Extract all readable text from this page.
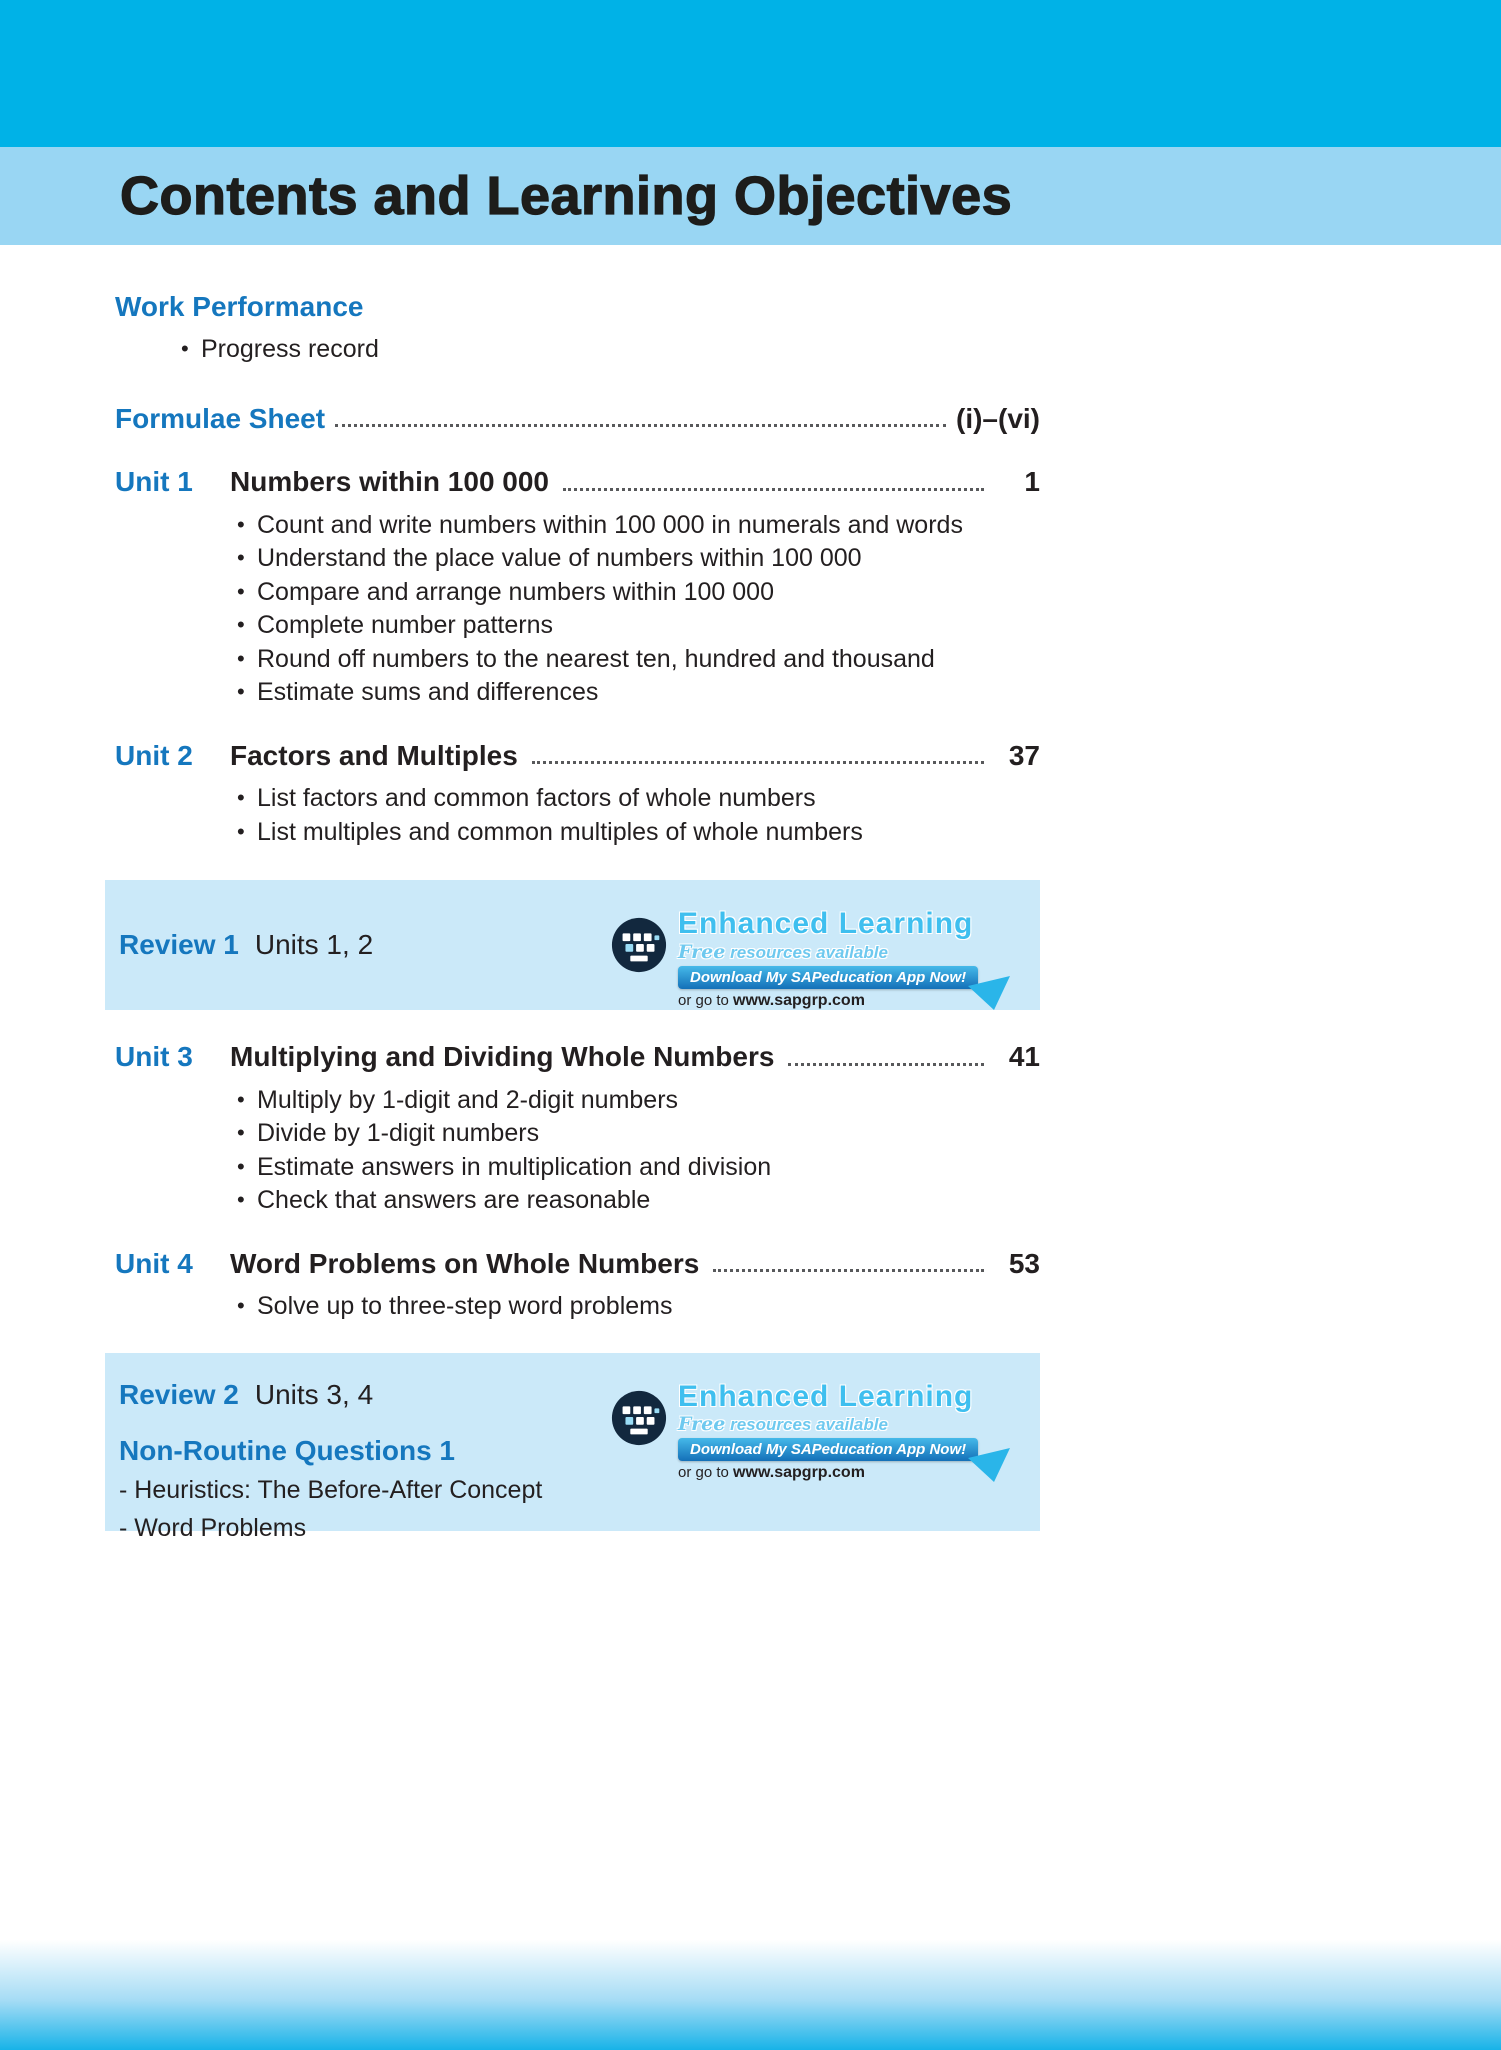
Contents and Learning Objectives
Work Performance
• Progress record
Formulae Sheet	(i)–(vi)
Unit 1	Numbers within 100 000	1
• Count and write numbers within 100 000 in numerals and words
• Understand the place value of numbers within 100 000
• Compare and arrange numbers within 100 000
• Complete number patterns
• Round off numbers to the nearest ten, hundred and thousand
• Estimate sums and differences
Unit 2	Factors and Multiples	37
• List factors and common factors of whole numbers
• List multiples and common multiples of whole numbers
Review 1 Units 1, 2
Enhanced Learning
Free resources available
Download My SAPeducation App Now!
or go to www.sapgrp.com
Unit 3	Multiplying and Dividing Whole Numbers	41
• Multiply by 1-digit and 2-digit numbers
• Divide by 1-digit numbers
• Estimate answers in multiplication and division
• Check that answers are reasonable
Unit 4	Word Problems on Whole Numbers	53
• Solve up to three-step word problems
Review 2 Units 3, 4
Non-Routine Questions 1
- Heuristics: The Before-After Concept
- Word Problems
Enhanced Learning
Free resources available
Download My SAPeducation App Now!
or go to www.sapgrp.com
